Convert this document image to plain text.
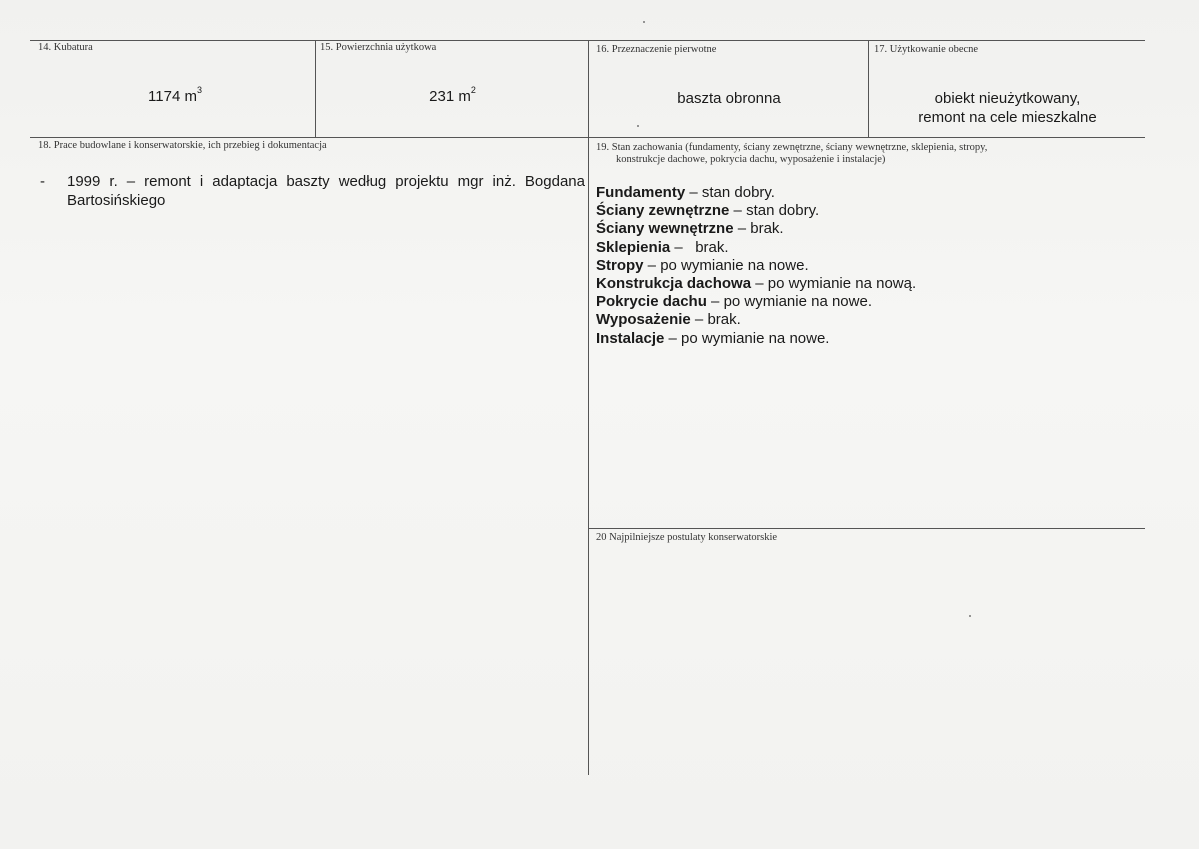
14. Kubatura	15. Powierzchnia użytkowa	16. Przeznaczenie pierwotne	17. Użytkowanie obecne
1174 $m^3$	231 $m^2$	baszta obronna	obiekt nieużytkowany,
remont na cele mieszkalne
18. Prace budowlane i konserwatorskie, ich przebieg i dokumentacja
- 1999 r. – remont i adaptacja baszty według projektu mgr inż. Bogdana Bartosińskiego
19. Stan zachowania (fundamenty, ściany zewnętrzne, ściany wewnętrzne, sklepienia, stropy,
konstrukcje dachowe, pokrycia dachu, wyposażenie i instalacje)
Fundamenty – stan dobry.
Ściany zewnętrzne – stan dobry.
Ściany wewnętrzne – brak.
Sklepienia –   brak.
Stropy – po wymianie na nowe.
Konstrukcja dachowa – po wymianie na nową.
Pokrycie dachu – po wymianie na nowe.
Wyposażenie – brak.
Instalacje – po wymianie na nowe.
20 Najpilniejsze postulaty konserwatorskie
